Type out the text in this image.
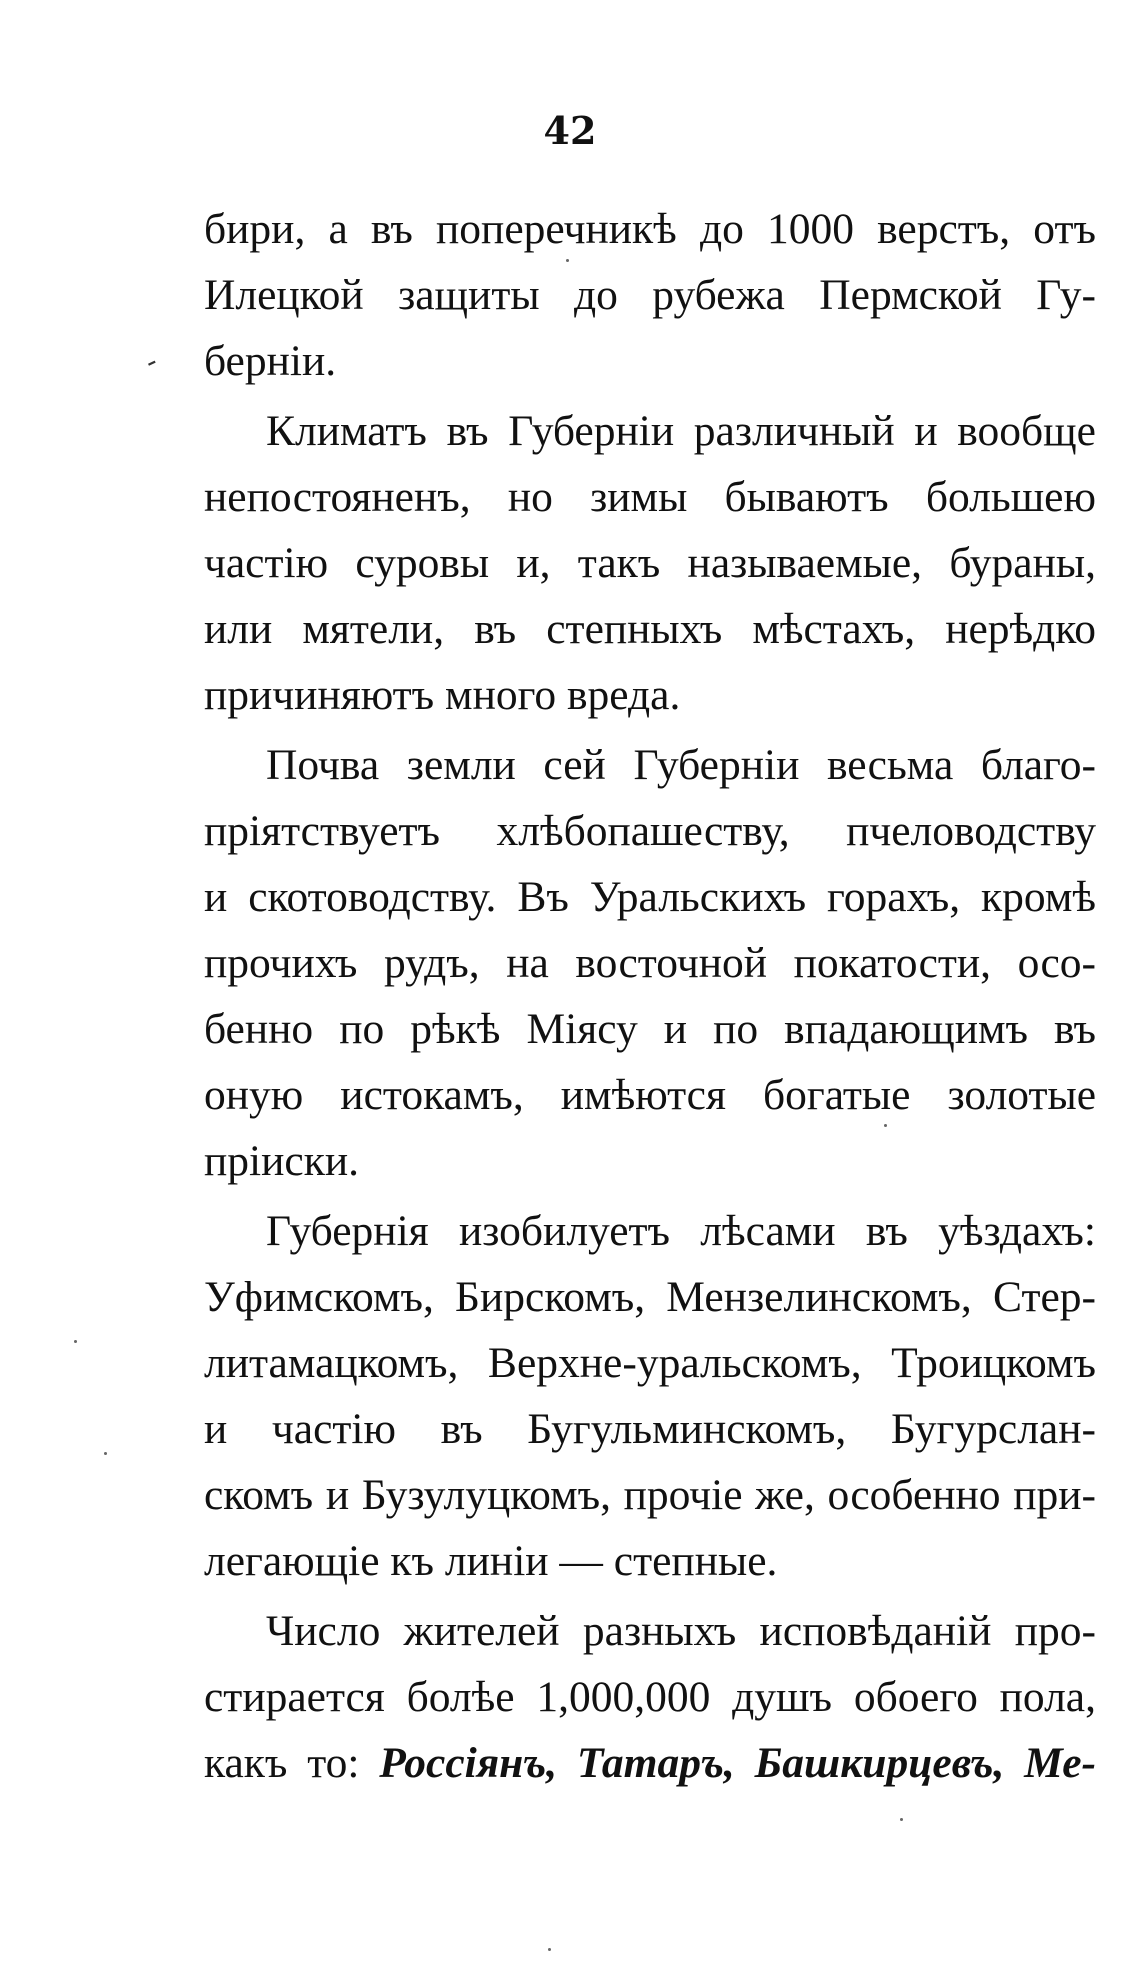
42
-
бири, а въ поперечникѣ до 1000 верстъ, отъ
Илецкой защиты до рубежа Пермской Гу-
берніи.
Климатъ въ Губерніи различный и вообще
непостояненъ, но зимы бываютъ большею
частію суровы и, такъ называемые, бураны,
или мятели, въ степныхъ мѣстахъ, нерѣдко
причиняютъ много вреда.
Почва земли сей Губерніи весьма благо-
пріятствуетъ хлѣбопашеству, пчеловодству
и скотоводству. Въ Уральскихъ горахъ, кромѣ
прочихъ рудъ, на восточной покатости, осо-
бенно по рѣкѣ Міясу и по впадающимъ въ
оную истокамъ, имѣются богатые золотые
пріиски.
Губернія изобилуетъ лѣсами въ уѣздахъ:
Уфимскомъ, Бирскомъ, Мензелинскомъ, Стер-
литамацкомъ, Верхне-уральскомъ, Троицкомъ
и частію въ Бугульминскомъ, Бугурслан-
скомъ и Бузулуцкомъ, прочіе же, особенно при-
легающіе къ линіи — степные.
Число жителей разныхъ исповѣданій про-
стирается болѣе 1,000,000 душъ обоего пола,
какъ то: Россіянъ, Татаръ, Башкирцевъ, Ме-
